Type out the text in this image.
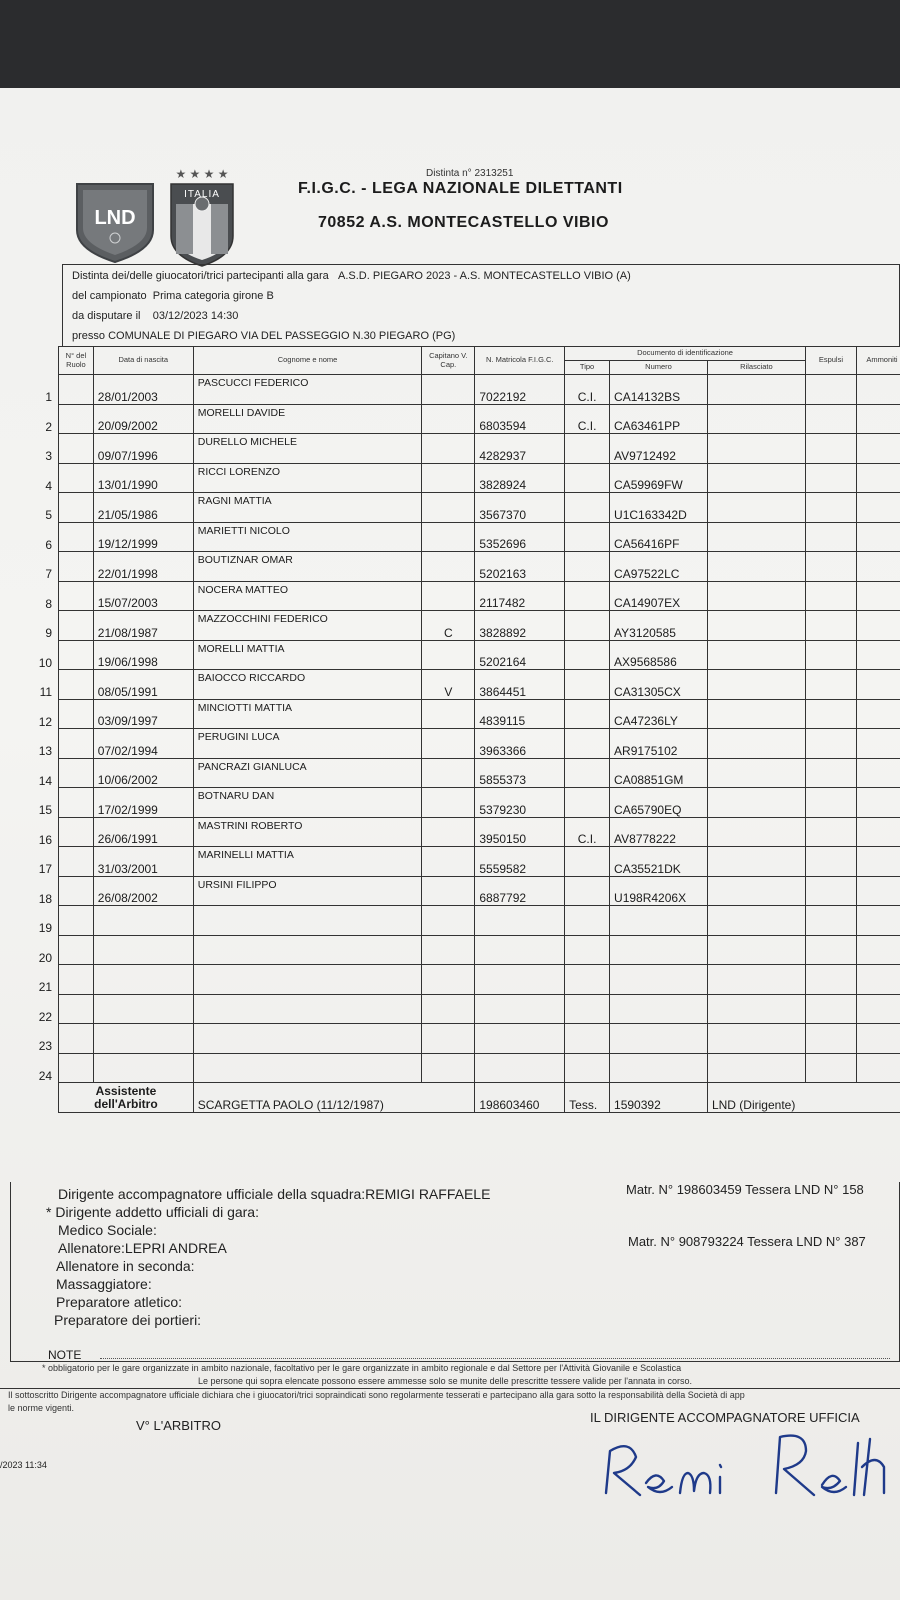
LND
★ ★ ★ ★
ITALIA
Distinta n° 2313251
F.I.G.C. - LEGA NAZIONALE DILETTANTI
70852 A.S. MONTECASTELLO VIBIO
Distinta dei/delle giuocatori/trici partecipanti alla gara A.S.D. PIEGARO 2023 - A.S. MONTECASTELLO VIBIO (A)
del campionato Prima categoria girone B
da disputare il 03/12/2023 14:30
presso COMUNALE DI PIEGARO VIA DEL PASSEGGIO N.30 PIEGARO (PG)
	N° del Ruolo	Data di nascita	Cognome e nome	Capitano V. Cap.	N. Matricola F.I.G.C.	Documento di identificazione			Espulsi	Ammoniti
						Tipo	Numero	Rilasciato		
1		28/01/2003	PASCUCCI FEDERICO		7022192	C.I.	CA14132BS			
2		20/09/2002	MORELLI DAVIDE		6803594	C.I.	CA63461PP			
3		09/07/1996	DURELLO MICHELE		4282937		AV9712492			
4		13/01/1990	RICCI LORENZO		3828924		CA59969FW			
5		21/05/1986	RAGNI MATTIA		3567370		U1C163342D			
6		19/12/1999	MARIETTI NICOLO		5352696		CA56416PF			
7		22/01/1998	BOUTIZNAR OMAR		5202163		CA97522LC			
8		15/07/2003	NOCERA MATTEO		2117482		CA14907EX			
9		21/08/1987	MAZZOCCHINI FEDERICO	C	3828892		AY3120585			
10		19/06/1998	MORELLI MATTIA		5202164		AX9568586			
11		08/05/1991	BAIOCCO RICCARDO	V	3864451		CA31305CX			
12		03/09/1997	MINCIOTTI MATTIA		4839115		CA47236LY			
13		07/02/1994	PERUGINI LUCA		3963366		AR9175102			
14		10/06/2002	PANCRAZI GIANLUCA		5855373		CA08851GM			
15		17/02/1999	BOTNARU DAN		5379230		CA65790EQ			
16		26/06/1991	MASTRINI ROBERTO		3950150	C.I.	AV8778222			
17		31/03/2001	MARINELLI MATTIA		5559582		CA35521DK			
18		26/08/2002	URSINI FILIPPO		6887792		U198R4206X			
19										
20										
21										
22										
23										
24										
	Assistente dell'Arbitro		SCARGETTA PAOLO (11/12/1987)		198603460	Tess.	1590392	LND (Dirigente)		
Dirigente accompagnatore ufficiale della squadra:REMIGI RAFFAELE	Matr. N° 198603459 Tessera LND N° 158
* Dirigente addetto ufficiali di gara:
Medico Sociale:
Allenatore:LEPRI ANDREA	Matr. N° 908793224 Tessera LND N° 387
Allenatore in seconda:
Massaggiatore:
Preparatore atletico:
Preparatore dei portieri:
NOTE
* obbligatorio per le gare organizzate in ambito nazionale, facoltativo per le gare organizzate in ambito regionale e dal Settore per l'Attività Giovanile e Scolastica
Le persone qui sopra elencate possono essere ammesse solo se munite delle prescritte tessere valide per l'annata in corso.
Il sottoscritto Dirigente accompagnatore ufficiale dichiara che i giuocatori/trici sopraindicati sono regolarmente tesserati e partecipano alla gara sotto la responsabilità della Società di app
le norme vigenti.
V° L'ARBITRO
IL DIRIGENTE ACCOMPAGNATORE UFFICIA
/2023 11:34
